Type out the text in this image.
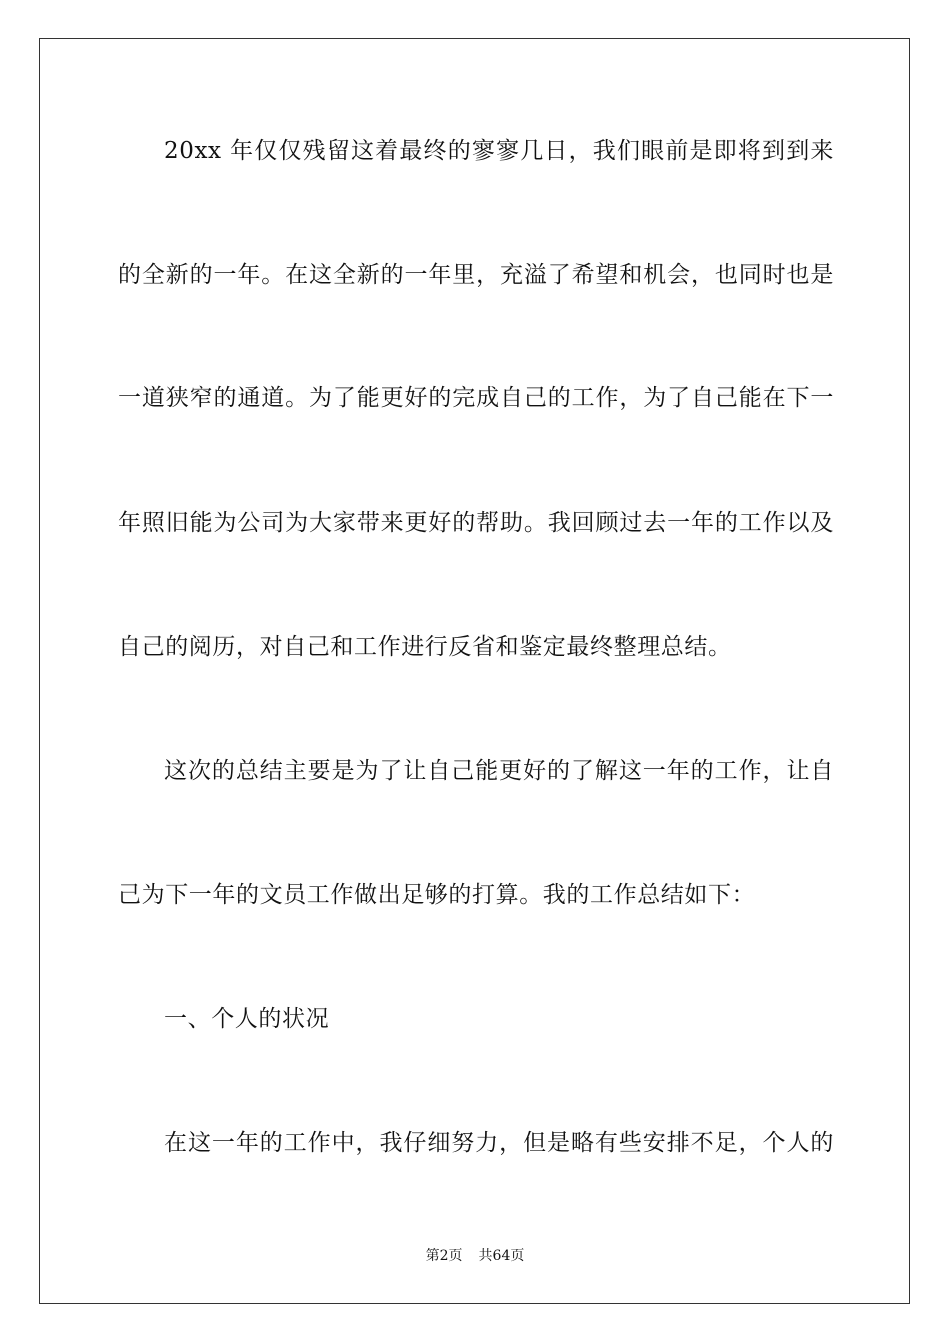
20xx 年仅仅残留这着最终的寥寥几日，我们眼前是即将到到来
的全新的一年。在这全新的一年里，充溢了希望和机会，也同时也是
一道狭窄的通道。为了能更好的完成自己的工作，为了自己能在下一
年照旧能为公司为大家带来更好的帮助。我回顾过去一年的工作以及
自己的阅历，对自己和工作进行反省和鉴定最终整理总结。
这次的总结主要是为了让自己能更好的了解这一年的工作，让自
己为下一年的文员工作做出足够的打算。我的工作总结如下：
一、个人的状况
在这一年的工作中，我仔细努力，但是略有些安排不足，个人的
第2页 共64页
